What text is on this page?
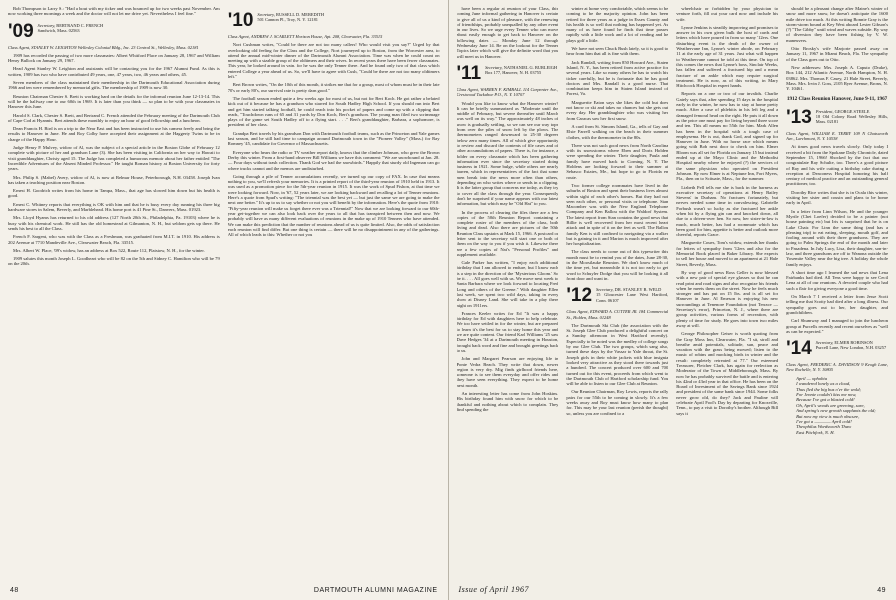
Bob Thompson to Larry S.: "Had a bout with my ticker and was bounced up for two weeks past November. Am now working three mornings a week and the doctor will not let me drive yet. Nevertheless I feel fine."

'09 Secretary, BERTRAND C. FRENCH
Sandwich, Mass. 02563
Class Agent, STANLEY W. LEIGHTON Wellesley Colonial Bldg., Inc. 23 Central St., Wellesley, Mass. 02181

1909 has recorded the passing of two more classmates: Albert Whitford Place on January 28, 1967 and William Henry Bullock on January 29, 1967.

Head Agent Stanley W. Leighton and assistants will be contacting you for the 1967 Alumni Fund. As this is written, 1909 has two who have contributed 49 years, one, 47 years, two, 46 years and others, 45.

Seven members of the class maintained their membership in the Dartmouth Educational Association during 1966 and ten were remembered by memorial gifts. The membership of 1909 is now 30.

Reunion Chairman Chester S. Brett is working hard on the details for the informal reunion June 12-13-14. This will be the halfway one to our 60th in 1969. It is later than you think — so plan to be with your classmates in Hanover this June.

Harold S. Clark, Chester S. Brett, and Bertrand C. French attended the February meeting of the Dartmouth Club of Cape Cod at Hyannis. Bert attends these monthly to enjoy an hour of good fellowship and a luncheon.

Dean Francis H. Bird is on a trip to the Near East and has been instructed to use his camera freely and bring the results to Hanover in June. He and Roy Colby have accepted their assignment at the Haggerty Twins to be in charge of the Happy Hour.

Judge Henry P. Mulvey, widow of Al, was the subject of a special article in the Boston Globe of February 12 complete with picture of her and grandson Lane (3). She has been visiting in California on her way to Hawaii to visit granddaughter, Christy aged 15. The Judge has completed a humorous memoir about her father entitled "The Incredible Adventures of the Absent Minded Professor." He taught Roman history at Boston University for forty years.

Mrs. Philip S. (Mabel) Avery, widow of Al, is now at Belmar House, Peterborough, N.H. 03458. Joseph Ivan has taken a teaching position near Boston.

Ernest H. Goodrich writes from his home in Tampa, Mass., that age has slowed him down but his health is good.

Ernest C. Whitney reports that everything is OK with him and that he is busy every day running his three big hardware stores in Salem, Beverly, and Marblehead. His home port is 41 Pine St., Danvers, Mass. 01923.

Mrs. Lloyd Hyams has returned to his old address (127 North 20th St., Philadelphia, Pa. 19103) where he is busy with his chemical work. He still has the old homestead at Gilmanton, N. H., but seldom gets up there. He sends his best to all the Class.

French F. Sargent, who was with the Class as a Freshman, was graduated from M.I.T. in 1910. His address is 202 Avenue at 7710 Mandeville Ave., Clearwater Beach, Fla. 33515.

Mrs. Albert W. Place, '09's widow, has an address at Box 522, Route 112, Plaistow, N. H., for the winter.

1909 salutes this month Joseph L. Goodheart who will be 82 on the 5th and Sidney C. Hamilton who will be 79 on the 20th.

'10 Secretary, RUSSELL D. MEREDITH
501 Cannon Pl., Troy, N. Y. 12181
Class Agent, ANDREW J. SCARLETT Horizon House, Apt. 208, Clearwater, Fla. 33515

Nort Cushman writes, "Could be there are not too many callers! Who would visit you say?" Urged by that overlooking old feeling for the Class and the College, Nort journeyed up to Boston, from the Worcester area, to attend the annual mid-winter dinner of the Dartmouth Alumni Association. Time was when he could count on meeting up with a sizable group of the oldtimers and their wives. In recent years there have been fewer classmates. This year, he looked around in vain. for he was the only Tenner there. And he found only two of that class which entered College a year ahead of us. So, we'll have to agree with Cush, "Could be there are not too many oldtimers left."

Bert Brown writes, "On the 10th of this month, it strikes me that for a group, most of whom must be in their late 70's or early 80's, our survival rate is pretty darn good."

The football season ended quite a few weeks ago for most of us, but not for Bert Koch. He got rather a belated kick out of it because he has a grandson who starred for South Hadley High School. If you should run into Bert and get him started talking football, he could reach into his pocket of papers and come up with a clipping that reads, "Touchdown runs of 65 and 31 yards by Don Koch, Bert's grandson. The young man filed two scrimmage plays of the game set South Hadley off to a flying start. . . ." Bert's granddaughter, Barbara, a sophomore, is president of her class.

Grandpa Bert travels by his grandson Don with Dartmouth football teams, such as the Princeton and Yale games last season, and he still had time to campaign around Dartmouth town in the "Pioneer Valley" (Mass.) for Ray Romney '45, candidate for Governor of Massachusetts.

Everyone who hears the radio or TV weather report daily, knows that the climber Johnson, who grew the Brown Derby this winter. From a first-hand observer Bill Williams we have this comment: "We are snowbound at Jan. 28. — Four days without trash collection. Thank God we had the snowbirds." Happily that sturdy old Ingeman can go where trucks cannot and the memos are undisturbed.

Going through a pile of Tenner accumulations recently, we turned up our copy of FAX. In case that means nothing to you, we'll refresh your memories. It is a printed report of the third-year reunion of 1910 held in 1913. It was used as a promotion piece for the 5th-year reunion in 1915. It was the work of Spud Fishon, at that time we were looking forward. Now, in '67, 52 years later, we are looking backward and recalling a lot of Tenner reunions. Here's a quote from Spud's writing: "The triennial was the best yet — but just the same we are going to make the next one better." It's up to us to say whether or not you will benefit by the information. Here's the quote from 1910: "Fifty-year reunion will make us forget there ever was a Triennial!" Now that we are looking forward to our 60th-year get-together we can also look back over the years to all that has transpired between then and now. We probably will have as many different evaluations of reunions in the make up of 1910 Tenners who have attended. We can make this prediction that the number of reunions ahead of us is quite limited. Also, the odds of satisfaction each reunion will find differ. But one thing is certain — there will be no disappointment in any of the gatherings. All of which leads to this: Whether or not you

48	DARTMOUTH ALUMNI MAGAZINE

have been a regular at reunion of your Class, this coming June informal gathering in Hanover is certain to give all of us a kind of pleasure, with the renewing of friendships, probably unequalled by any other event in our lives. So we urge every Tenner who can move about easily enough to get back to Hanover on the following dates — Monday June 12 through Wednesday June 14. Be on the lookout for the Tenner Topics later which will give the definite word that you will meet us in Hanover.

'11 Secretary, NATHANIEL G. BURLEIGH
Box 177, Hanover, N. H. 03755
Class Agent, WARREN F. KIMBALL 114 Carpenter Ave., Crestwood Tuckahoe P.O., N. Y. 10707

Would you like to know what the Hanover winter? It can be briefly summarized as "Moderate until the middle of February, but severe thereafter until March was well on its way." The approximately 48 inches of snow is gradually settling, so we can see our way tops from over the piles of snow left by the plows. The thermometers ranged downward to 25-30 degrees below zero many times. All of which give opportunity to review and discard the contents of file cases and of other accumulations of papers. There is, for instance, a folder on every classmate which has been gathering information ever since the secretary started doing business in 1921. Some bulge, while others are nearly barren, which in representatives of the fact that some men break into the news more often than others, depending on who writes where or sends in a clipping. It is the latter group that concerns me today, as they try to cover all the class through the year. Consequently don't be surprised if your name appears with our latest information, but which may be "Old Hat" to you.

In the process of clearing the files there are a few copies of the 50th Reunion Report containing a complete roster of the members of the class, both living and dead. Also there are pictures of the 50th Reunion Class upstairs at Mark 15, 1966. A postcard or letter sent to the secretary will start one or both of them on the way to you if you wish it. Likewise there are a few copies of Nat's "Personal Profiles" and supplement available.

Gale Parker has written, "I enjoy each additional birthday that I am allowed to endure, but I know each is a step in the direction of the 'Mysterious Gloom.' So be it. . . . All goes well with us. We move next week to Santa Barbara where we look forward to locating Fred Long and others of the Greene." With daughter Ellen last week, we spent two wild days, taking in every show at Disney Land. She will take in a play there night on 1911ers.

Frances Keeler writes for Ed "It was a happy birthday for Ed with daughters here to help celebrate. We too have settled in for the winter, but are prepared to learn it's the best for us to stay home this year and we are quite content. Our friend Karl Williams '25 saw Dave Hedges '34 at a Dartmouth meeting in Houston, brought back word and fine and brought greetings back to us.

John and Margaret Pearson are enjoying life in Ponte Vedra Beach. They write that down, newer region is very dry. Mig finds girlhood friends here, someone is to see them everyday and offer rides and they have seen everything. They expect to be home next month.

An interesting letter has come from John Hoskins. His birthday found him with snow for which to be thankful and nothing about which to complain. They find spending the

winter at home very comfortable, which seems to be coming to be the majority opinion. John has been retired for three years as a judge in Essex County and his health is so well that nothing has happened yet. As many of us have found he finds that time passes rapidly with a little work and a lot of reading and he plays golf a little.

We have not seen Chuck Bush lately, so it is good to hear from him that all is fine with them.

Jack Randall, writing from 850 Howard Ave., Staten Island, N. Y., has been retired from active practice for several years. Like so many others he has to watch his ticker carefully, but he is fortunate that he has good doctors and Mrs. Randall is a good nurse. That combination keeps him in Staten Island instead of Forest, Va.

Marguerite Eaton says she likes the cold but does not know or ski and takes no chances but she gets out every day. Her granddaughter who was visiting her from Caracas saw her first snow.

A card from St. Simons Island, Ga., tells of Gay and Elsie Farrell walking on the beach in their summer clothes, with the thermometer in the 80s.

There was not such good news from North Carolina with its snowstorms where Eben and Doris Holden were spending the winter. Their daughter, Paula and family have moved back to Corning, N. Y. The Holdens are looking forward to their summer at Sebasco Estates, Me., but hope to go to Florida en route.

Two former college roommates have lived in the suburbs of Boston and spent their business lives almost within sight of each other's homes. But they had not seen each other, or personal visits or telephone. Stan Macomber was with the New England Telephone Company and Ken Ballou with the Waldorf System. The latest report from Stan contains the good news that Billie is well recovered from her most recent heart attack and in spite of it on the feet as well. The Ballou family Ken is still confined to navigating via a walker but is gaining in it and Marion is much improved after her hospitalization.

The class needs to come out of this typewriter this month must be to remind you of the dates, June 28-30, in the Moosilauke Reunion. We don't know much of the time yet, but meanwhile it is not too early to get word to Schuyler Dodge that you will be looking it all front door and want in.

'12 Secretary, DR. STANLEY B. WELD
15 Gloucester Lane West Hartford, Conn. 06107
Class Agent, EDWARD A. CUTTER JR. 184 Commercial St., Holden, Mass. 01248

The Dartmouth Ski Club (the association with the St. Joseph Glee Club produced a delightful concert on a Sunday afternoon in West Hartford recently). Especially to be noted was the medley of college songs by our Glee Club. The two groups, which sang also, turned these days by the Vassar to Yale throat, the St. Joseph girls in their white jackets with blue insignia looked very attractive as they stood there towards just a hundred. The concert produced over 600 and 700 turned out for this event, proceeds from which went to the Dartmouth Club of Hartford scholarship fund. You will be able to listen to our Glee Club at Reunion.

Our Reunion Chairman, Roy Lewis, reports the rally pairs for our 55th to be coming in slowly. It's a few weeks away and Roy must know how many to plan for. This may be your last reunion (perish the thought) so, unless you are confined to a

wheelchair or forbidden by your physician to venture forth, fill out your card now and include his wife.

Lynne Jenkins is steadily improving and promises to answer in his own given bulk the host of cards and letters which have poured in from so many '12ers. One disturbing event is the death of the owner of Weathervane Inn, Lynne's winter abode, on February 11 at the early age of 31 years. Just what will happen to Weathervane cannot be told at this time. On top of this comes the news that Lynne's boss, Sinclair Weeks, has fallen and suffered a fractured hip and a mean fracture of an ankle which may require surgical treatment. He is now, as of this writing, in Mary Hitchcock Hospital in expert hands.

Reports on a one or two of our invalids. Charlie Gately says that, after spending 15 days in the hospital early in the winter, he now has to stay at home pretty much. After a case of phlebitis in his left leg and a damaged femoral head on the right. He puts it all down as the price one must pay for living beyond three score and ten. This all means no 55th for him. Mark Allen has been in the hospital with a tough case of emphysema. He is out, thank God, and signed up for Hanover in June. With no horse race which means going with Bob next door to check on him. Elmer Bloom was all set for Florida on January 15 but instead ended up at the Mayo Clinic and the Methodist Hospital nearby where he enjoyed (?) the services of the same physician who operated on President Johnson. By now Elmer is at Neptune Inn, Fort Myers, Fla., then on to Scituate, Mass., for the summer.

Lizbeth Pell tells me she is back in the harness as executive secretary of operations at Henry Bailey Stevens' in Durham. No fractures fortunately, but nerves needed some time in convalescing. Gabrielle Forbush wasn't so lucky as she fractured her ankle when hit by a flying gin can and knocked down, all due to a driven-over hen. So now, her sister-in-law is much, much better, has had a roommate which has been good for him, appetite is better and outlook more cheerful, reports Grace.

Marguerite Coues, Tom's widow, extends her thanks for letters of sympathy from '12ers and also for the Memorial Book placed in Baker Library. She expects to sell her house and moved to an apartment at 21 Hale Street, Beverly, Mass.

By way of good news Ross Geller is now blessed with a new pair of special eye glasses so that he can read print and road signs and also recognize his friends when he meets them on the street. Now he feels much stronger and has put on 15 lbs. and is all set for Hanover in June. Al Emeson is enjoying his new surroundings at Tenenore Foundation (not Terrace — Secretary's error), Princeton, N. J., where there are group activities, various forms of recreation, with plenty of time for study. He goes into town two miles away at will.

George Philosopher Geiser is worth quoting from the Gray Moss Inn, Clearwater, Fla. "I sit, stroll and breathe amid potentials, solitude, sun, peace and vacation with the grass being mowed; listen to the music of robins and mocking birds in winter and the result: completely retreated at 77." Our esteemed Treasurer, Fletcher Clark, has again for reelection as Moderator of the Town of Middleborough, Mass. By now he has probably survived the battle and is entering his 42nd or 43rd year in that office. He has been on the Board of Investment of the Savings Bank since 1924 and president of the same bank since 1944. Some folks never grow old, do they? Jack and Pauline will celebrate April Fool's Day by departing for Knoxville, Tenn., to pay a visit to Dorothy's brother. Although Bill says it

should be a pleasant change after Maine's winter of snow and more snow, he doesn't anticipate the 1600 mile drive too much. At this writing Bonnie Gray is the storm-storm bound at Key West aboard Lester Gibson's (?) "The Gibby" until wind and waves subside. By way of diversion they have been fishing by V. W. maneuvers.

Otto Brosky's wife Marjorie passed away on January 11, 1967 in Miami Beach, Fla. The sympathy of the Class goes out to Otto.

New addresses: Mrs. Joseph A. Caputo (Drake), Box 144, 212 Atlantic Avenue, North Hampton, N. H. 03862. Mrs. Thomas F. Casey, 21 Hale Street, Beverly, Mass. Mrs. Irvin J. Goss, 2105 Ryer Avenue, Bronx, N. Y. 10461.

1912 Class Reunion Hanover, June 9-11, 1967
'13 President, GEORGE STEELE
18 Old Colony Road Wellesley Hills, Mass. 02181
Class Agent, WILLIAM E. TERRY 109 N Chatsworth Ave., Larchmont, N. Y. 10538

At times good news travels slowly. Only today I received a bit from the Spokane Daily Chronicle, dated September 15, 1966! Shocked by the fact that our congratulate Ray Schulte, too. There's a good picture of Ray and his wife cutting a birthday cake during a reception at Deaconess Hospital honoring his half century of medical practice and an outstanding general practitioner, too.

Dorothy Rice writes that she is in Ocala this winter, visiting her sister and cousin and plans to be home early in April.

In a letter from Linn Wilson, He and the younger Myrtle (Chet Loefer) decided to be a painter (not house painting etc) but Iris is surprised that he is on Lake Chair. For Linn the same thing (and has a pleasing trip) to eat eating, sleeping, mouth golf, and fooling around with their three grandsons. They are going to Palm Springs the end of the month and later to Pasadena. In July Lucy, Lisa, their daughter, son-in-law, and three grandsons are off to Wanona outside the Yosemite Valley near the big tree. A holiday the whole family enjoys.

A short time ago I learned the sad news that Lena Fairbanks had died. All Tens were happy to see Cecil Lena at all of our reunions. A devoted couple who had such a flair for giving everyone a good time.

On March 7 I received a letter from Jesse Scott telling me that Scotty had died after a long illness. Our sympathy goes out to her, her daughter, and grandchildren.

Carl Shumway and I managed to join the luncheon group at Purcells recently and recent ourselves as "well as can be expected."

'14 Secretary, ELMER ROBINSON
Purcell Lane, New London, N.H. 03257
Class Agent, FREDERIC A. DAVIDSON 9 Keogh Lane, New Rochelle, N. Y. 10805
April — ophobia
I wandered lonely as a cloud,
Thus fled the big bus o'er the wold;
For Jennie couldn't kiss me now,
Because I've got a blasted cold!
Oh, April's woods are greening, sure,
And spring's new growth supplants the old;
But now my view is much obscure,
I've got a ———— April cold!
Theophilus Wordsworth Thaw
East Pitchfork, N. H.
Issue of April 1967	49
